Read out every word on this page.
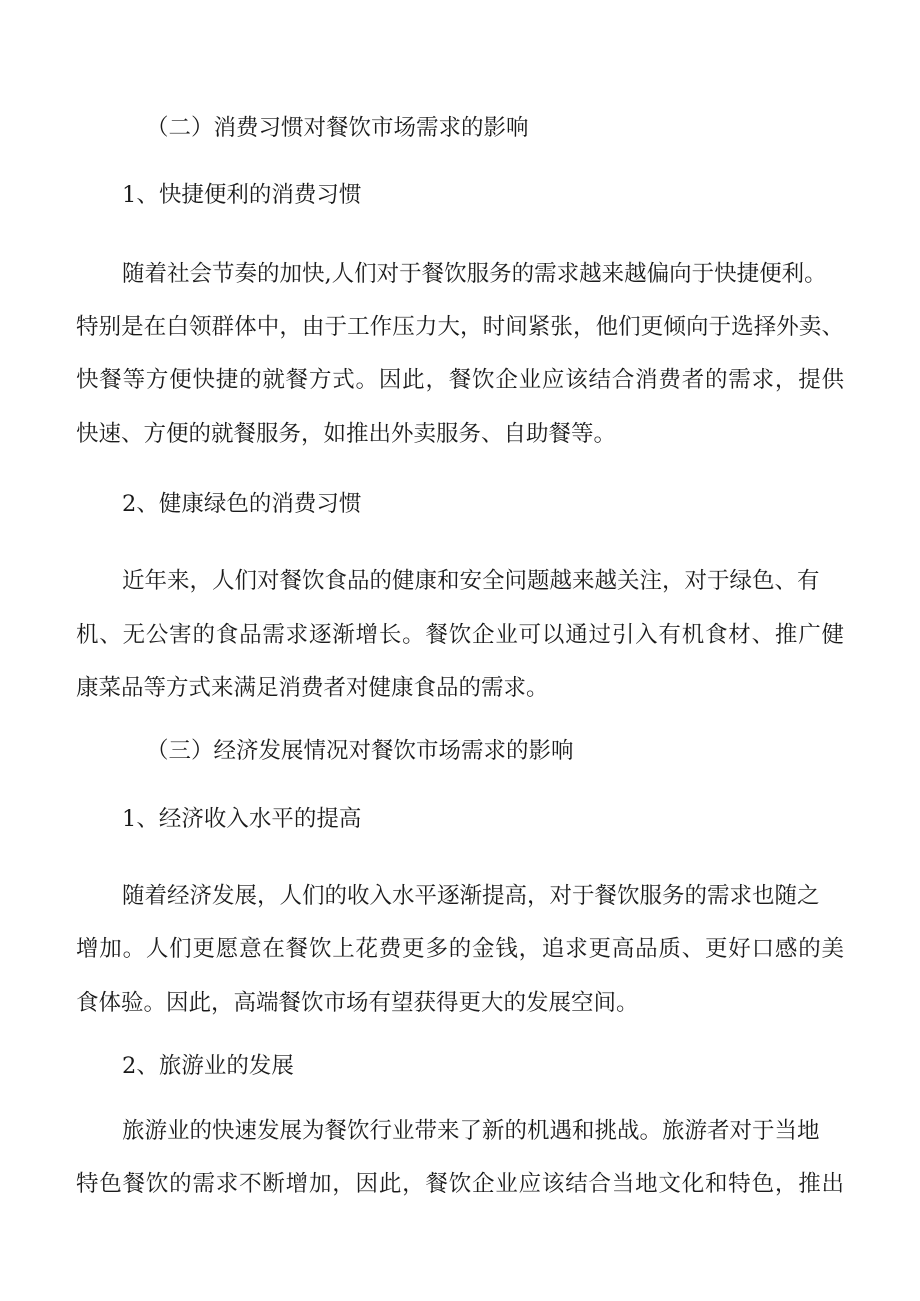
（二）消费习惯对餐饮市场需求的影响

1、快捷便利的消费习惯

随着社会节奏的加快,人们对于餐饮服务的需求越来越偏向于快捷便利。

特别是在白领群体中，由于工作压力大，时间紧张，他们更倾向于选择外卖、

快餐等方便快捷的就餐方式。因此，餐饮企业应该结合消费者的需求，提供

快速、方便的就餐服务，如推出外卖服务、自助餐等。

2、健康绿色的消费习惯

近年来，人们对餐饮食品的健康和安全问题越来越关注，对于绿色、有

机、无公害的食品需求逐渐增长。餐饮企业可以通过引入有机食材、推广健

康菜品等方式来满足消费者对健康食品的需求。

（三）经济发展情况对餐饮市场需求的影响

1、经济收入水平的提高

随着经济发展，人们的收入水平逐渐提高，对于餐饮服务的需求也随之

增加。人们更愿意在餐饮上花费更多的金钱，追求更高品质、更好口感的美

食体验。因此，高端餐饮市场有望获得更大的发展空间。

2、旅游业的发展

旅游业的快速发展为餐饮行业带来了新的机遇和挑战。旅游者对于当地

特色餐饮的需求不断增加，因此，餐饮企业应该结合当地文化和特色，推出
